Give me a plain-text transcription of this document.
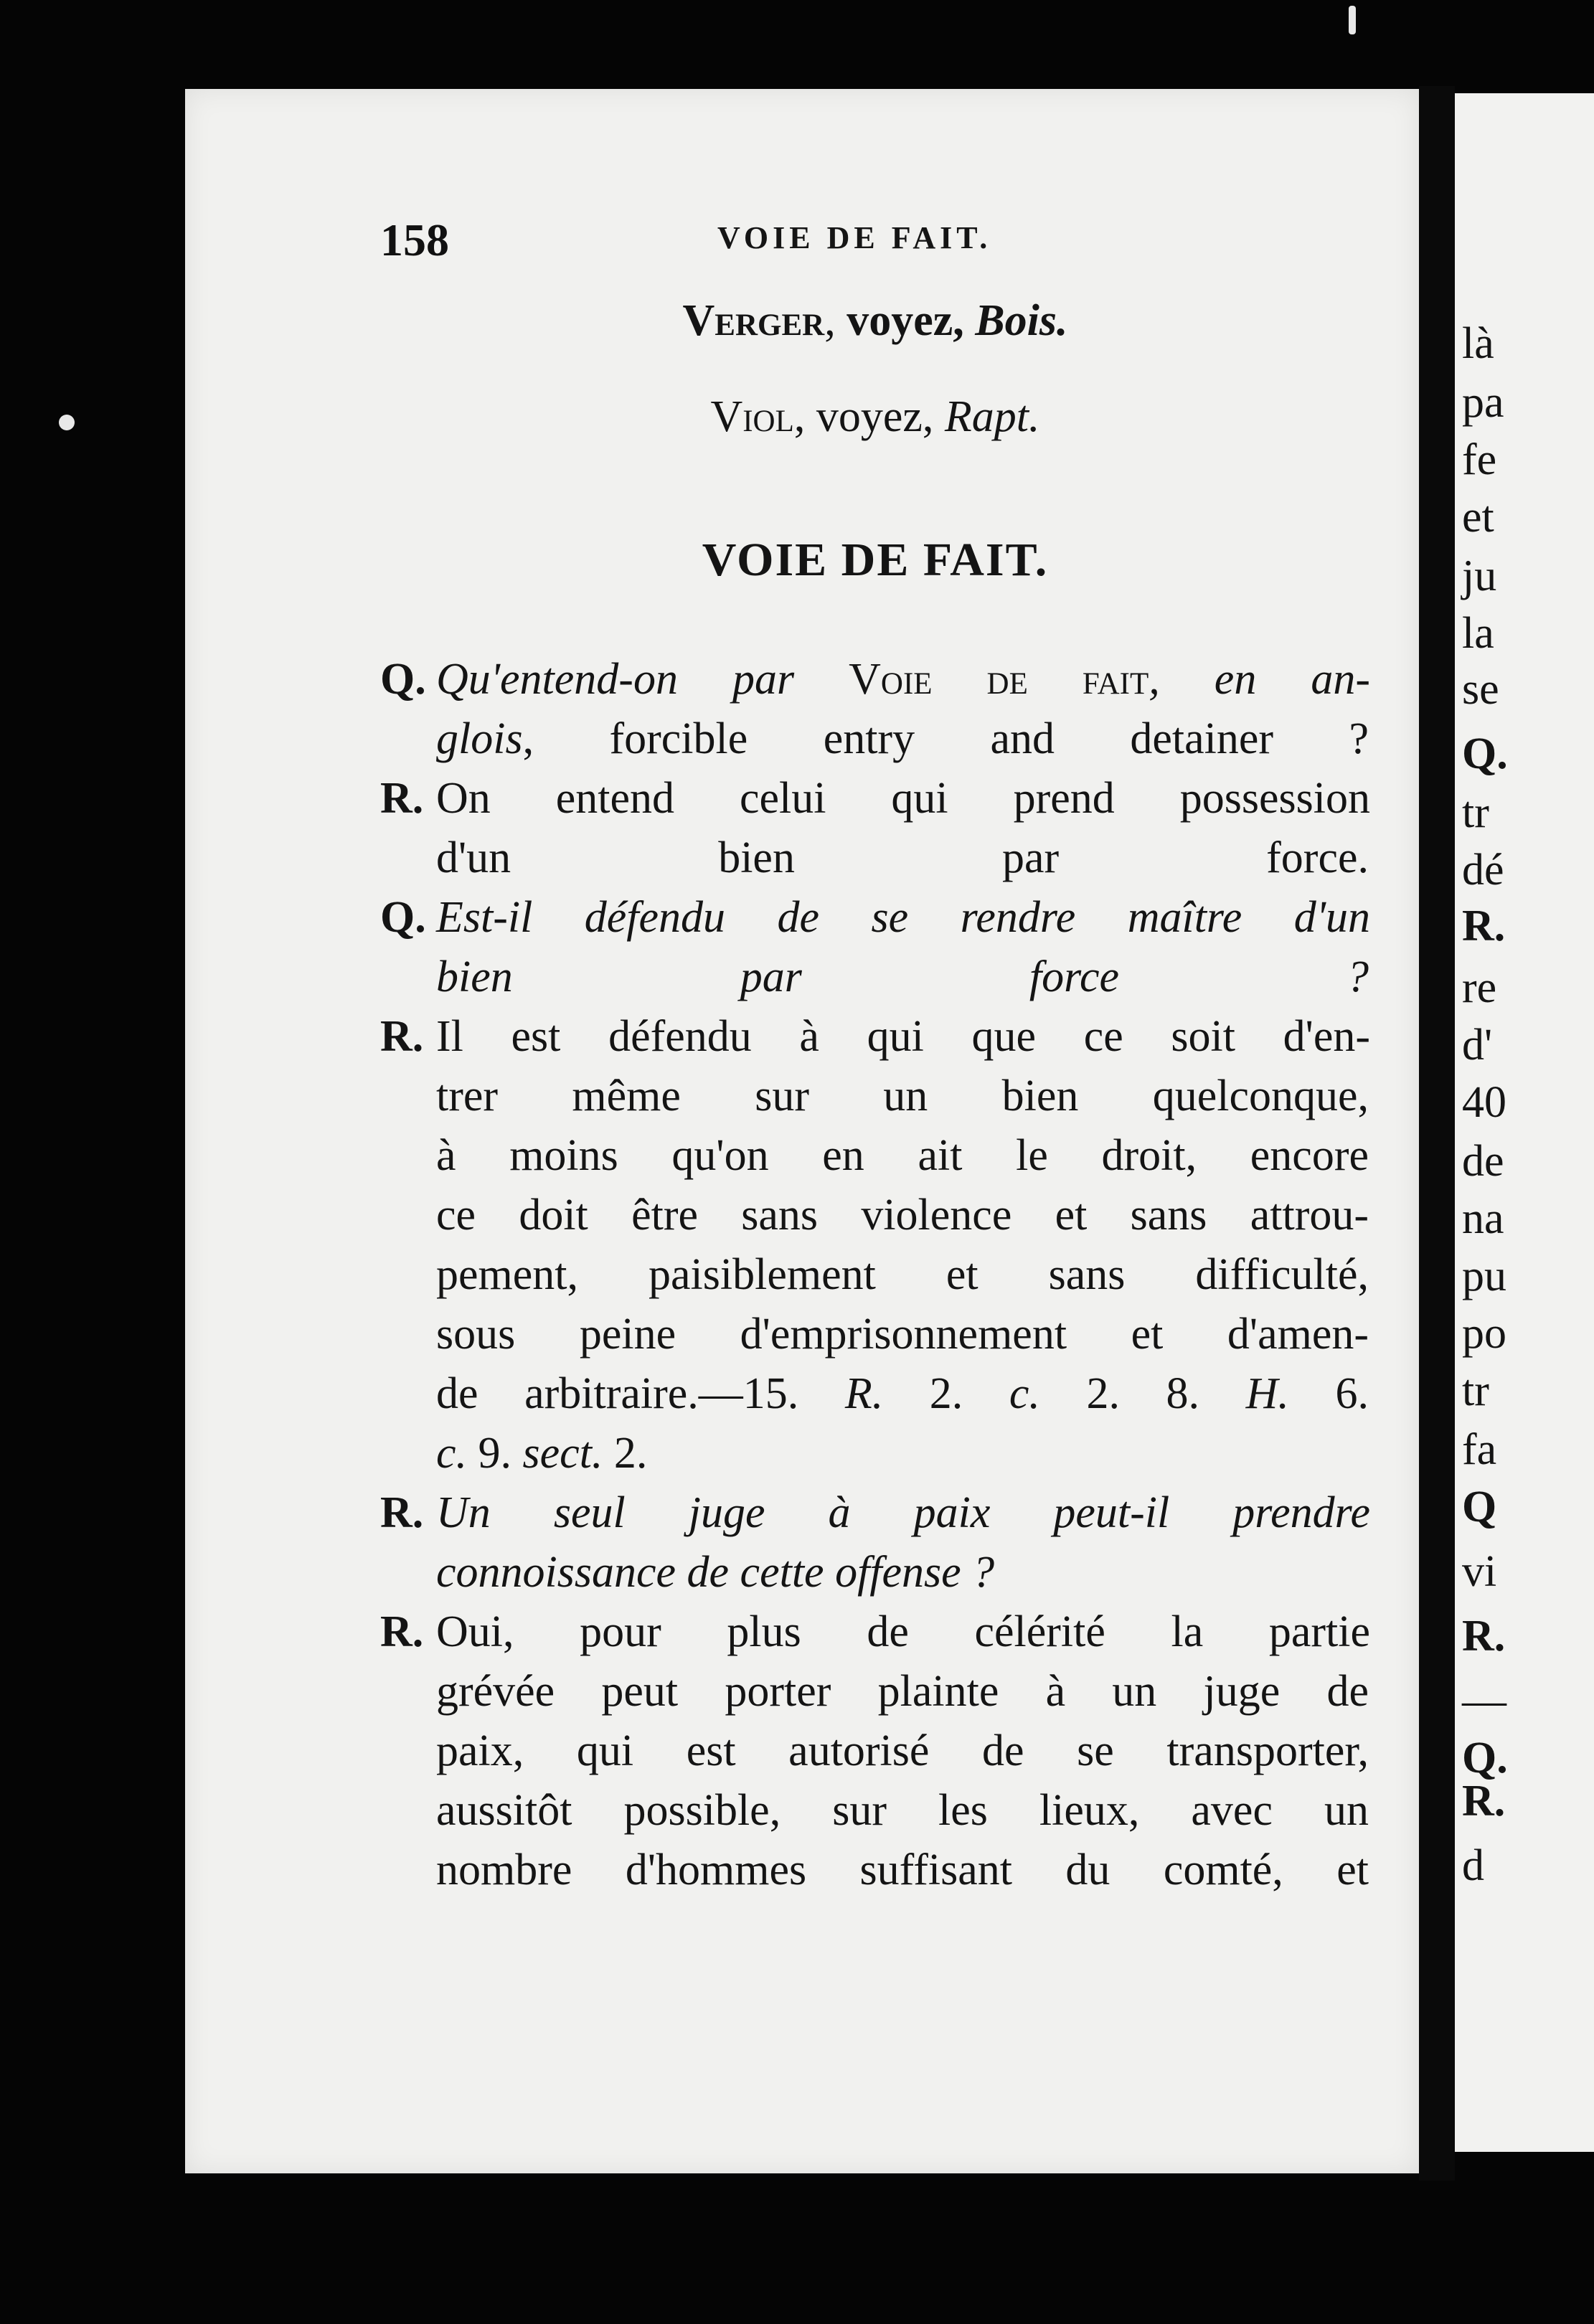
158	VOIE DE FAIT.
Verger, voyez, Bois.
Viol, voyez, Rapt.
VOIE DE FAIT.
Q. Qu'entend-on par Voie de fait, en an-
glois, forcible entry and detainer ?
R. On entend celui qui prend possession
d'un bien par force.
Q. Est-il défendu de se rendre maître d'un
bien par force ?
R. Il est défendu à qui que ce soit d'en-
trer même sur un bien quelconque,
à moins qu'on en ait le droit, encore
ce doit être sans violence et sans attrou-
pement, paisiblement et sans difficulté,
sous peine d'emprisonnement et d'amen-
de arbitraire.—15. R. 2. c. 2. 8. H. 6.
c. 9. sect. 2.
R. Un seul juge à paix peut-il prendre
connoissance de cette offense ?
R. Oui, pour plus de célérité la partie
grévée peut porter plainte à un juge de
paix, qui est autorisé de se transporter,
aussitôt possible, sur les lieux, avec un
nombre d'hommes suffisant du comté, et
là
pa
fe
et
ju
la
se
Q.
tr
dé
R.
re
d'
40
de
na
pu
po
tr
fa
Q
vi
R.
—
Q.
R.
d
